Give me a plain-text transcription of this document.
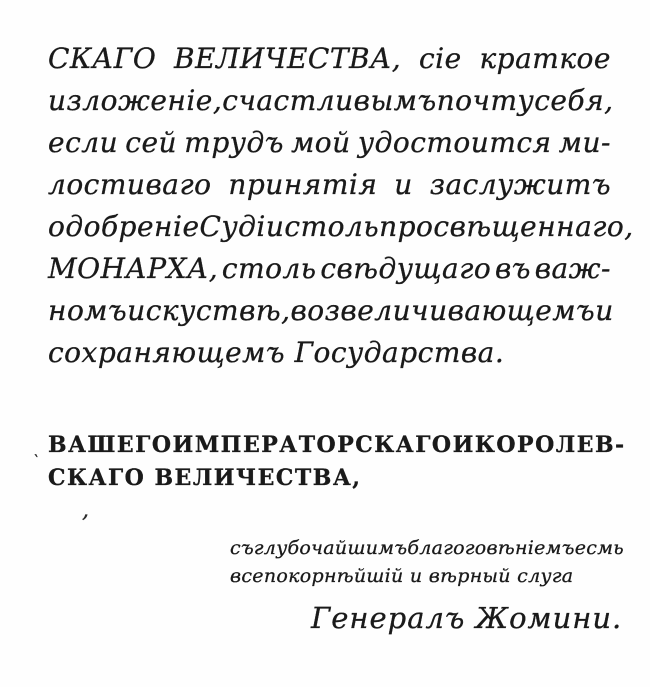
СКАГО ВЕЛИЧЕСТВА, сіе краткое
изложеніе, счастливымъ почту себя,
если сей трудъ мой удостоится ми-
лостиваго принятія и заслужитъ
одобреніе Судіи столь просвѣщеннаго,
МОНАРХА, столь свѣдущаго въ важ-
номъ искуствѣ, возвеличивающемъ и
сохраняющемъ Государства.
ВАШЕГО ИМПЕРАТОРСКАГО И КОРОЛЕВ-
СКАГО ВЕЛИЧЕСТВА,
съ глубочайшимъ благоговѣніемъ есмь
всепокорнѣйшій и вѣрный слуга
Генералъ Жомини.
`
,
